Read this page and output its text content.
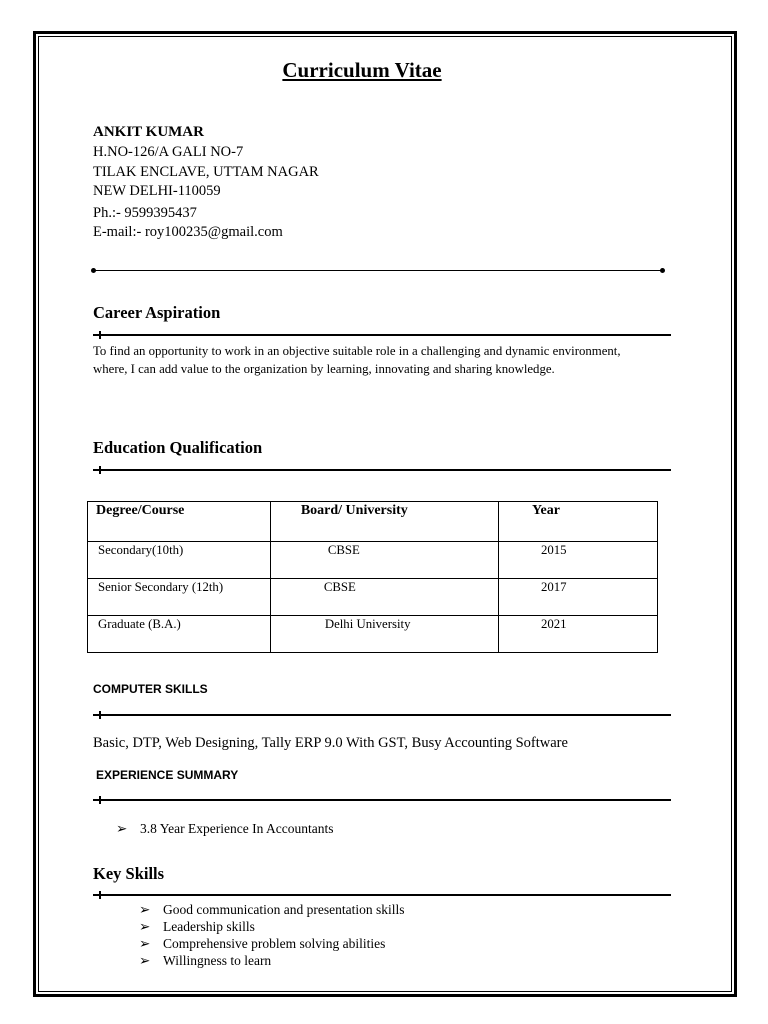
Curriculum Vitae
ANKIT KUMAR
H.NO-126/A GALI NO-7
TILAK ENCLAVE, UTTAM NAGAR
NEW DELHI-110059
Ph.:- 9599395437
E-mail:- roy100235@gmail.com
Career Aspiration
To find an opportunity to work in an objective suitable role in a challenging and dynamic environment, where, I can add value to the organization by learning, innovating and sharing knowledge.
Education Qualification
Degree/Course	Board/ University	Year
Secondary(10th)	CBSE	2015
Senior Secondary (12th)	CBSE	2017
Graduate (B.A.)	Delhi University	2021
COMPUTER SKILLS
Basic, DTP, Web Designing, Tally ERP 9.0 With GST, Busy Accounting Software
EXPERIENCE SUMMARY
➢ 3.8 Year Experience In Accountants
Key Skills
➢ Good communication and presentation skills
➢ Leadership skills
➢ Comprehensive problem solving abilities
➢ Willingness to learn
